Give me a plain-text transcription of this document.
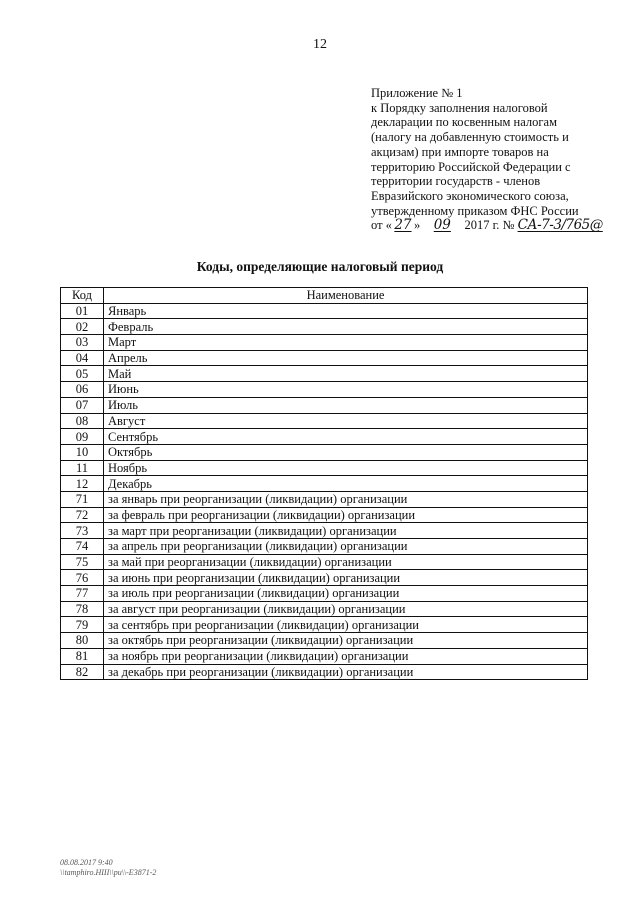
12
Приложение № 1
к Порядку заполнения налоговой
декларации по косвенным налогам
(налогу на добавленную стоимость и
акцизам) при импорте товаров на
территорию Российской Федерации с
территории государств - членов
Евразийского экономического союза,
утвержденному приказом ФНС России
от « 27 » 09 2017 г. № СА-7-3/765@
Коды, определяющие налоговый период
Код	Наименование
01	Январь
02	Февраль
03	Март
04	Апрель
05	Май
06	Июнь
07	Июль
08	Август
09	Сентябрь
10	Октябрь
11	Ноябрь
12	Декабрь
71	за январь при реорганизации (ликвидации) организации
72	за февраль при реорганизации (ликвидации) организации
73	за март при реорганизации (ликвидации) организации
74	за апрель при реорганизации (ликвидации) организации
75	за май при реорганизации (ликвидации) организации
76	за июнь при реорганизации (ликвидации) организации
77	за июль при реорганизации (ликвидации) организации
78	за август при реорганизации (ликвидации) организации
79	за сентябрь при реорганизации (ликвидации) организации
80	за октябрь при реорганизации (ликвидации) организации
81	за ноябрь при реорганизации (ликвидации) организации
82	за декабрь при реорганизации (ликвидации) организации
08.08.2017 9:40
\\tamphiro.HIII\\pu\\-E3871-2
